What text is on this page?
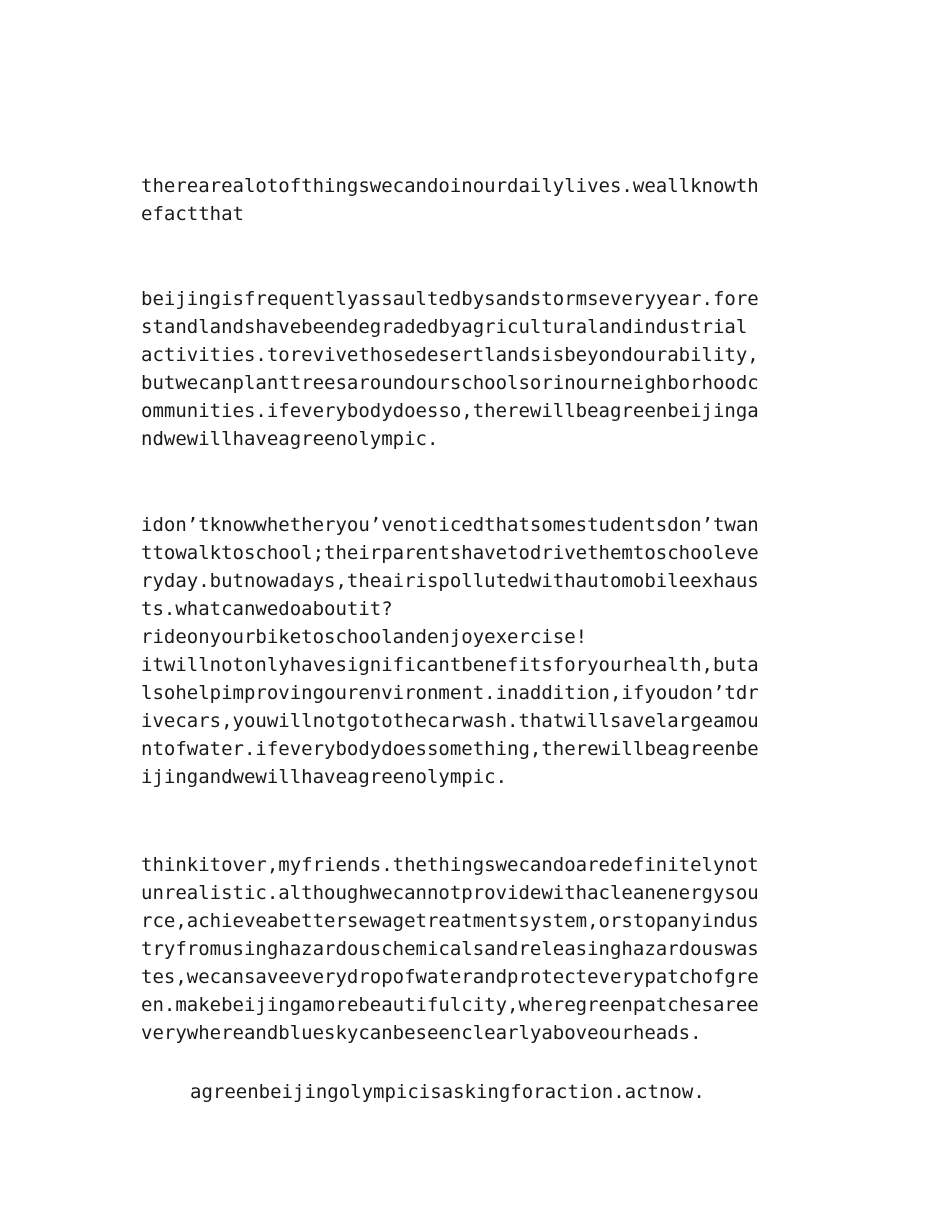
therearealotofthingswecandoinourdailylives.weallknowth
efactthat
beijingisfrequentlyassaultedbysandstormseveryyear.fore
standlandshavebeendegradedbyagriculturalandindustrial
activities.torevivethosedesertlandsisbeyondourability,
butwecanplanttreesaroundourschoolsorinourneighborhoodc
ommunities.ifeverybodydoesso,therewillbeagreenbeijinga
ndwewillhaveagreenolympic.
idon’tknowwhetheryou’venoticedthatsomestudentsdon’twan
ttowalktoschool;theirparentshavetodrivethemtoschooleve
ryday.butnowadays,theairispollutedwithautomobileexhaus
ts.whatcanwedoaboutit?
rideonyourbiketoschoolandenjoyexercise!
itwillnotonlyhavesignificantbenefitsforyourhealth,buta
lsohelpimprovingourenvironment.inaddition,ifyoudon’tdr
ivecars,youwillnotgotothecarwash.thatwillsavelargeamou
ntofwater.ifeverybodydoessomething,therewillbeagreenbe
ijingandwewillhaveagreenolympic.
thinkitover,myfriends.thethingswecandoaredefinitelynot
unrealistic.althoughwecannotprovidewithacleanenergysou
rce,achieveabettersewagetreatmentsystem,orstopanyindus
tryfromusinghazardouschemicalsandreleasinghazardouswas
tes,wecansaveeverydropofwaterandprotecteverypatchofgre
en.makebeijingamorebeautifulcity,wheregreenpatchesaree
verywhereandblueskycanbeseenclearlyaboveourheads.
agreenbeijingolympicisaskingforaction.actnow.
